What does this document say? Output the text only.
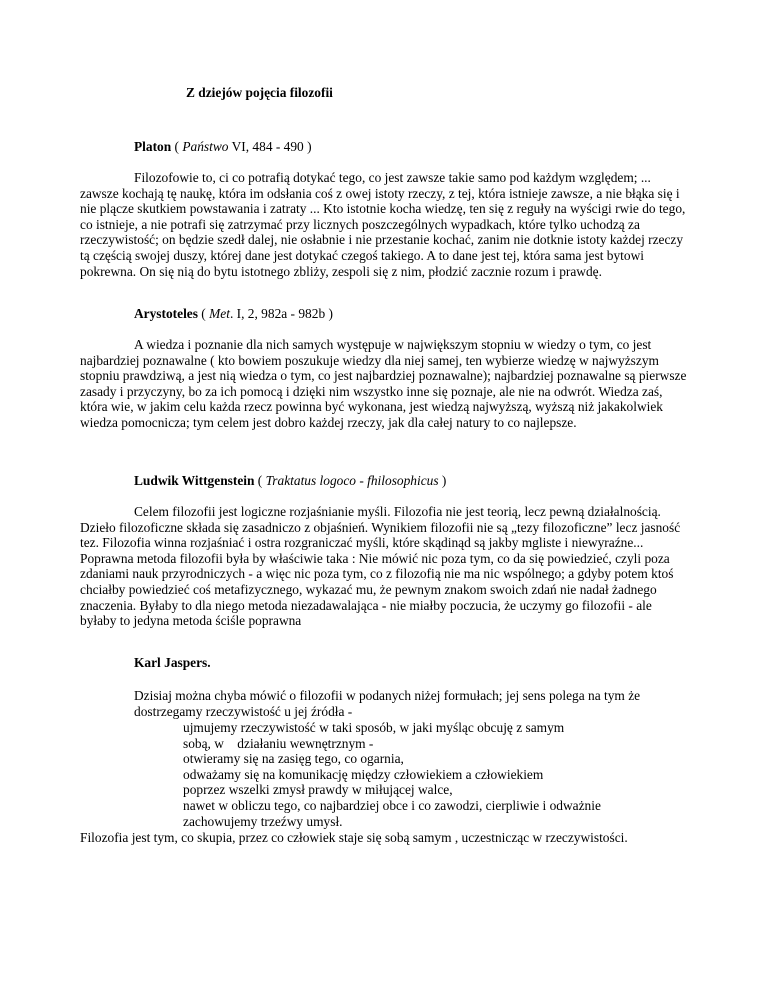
Z dziejów pojęcia filozofii

Platon ( Państwo VI, 484 - 490 )

Filozofowie to, ci co potrafią dotykać tego, co jest zawsze takie samo pod każdym względem; ... zawsze kochają tę naukę, która im odsłania coś z owej istoty rzeczy, z tej, która istnieje zawsze, a nie błąka się i nie plącze skutkiem powstawania i zatraty ... Kto istotnie kocha wiedzę, ten się z reguły na wyścigi rwie do tego, co istnieje, a nie potrafi się zatrzymać przy licznych poszczególnych wypadkach, które tylko uchodzą za rzeczywistość; on będzie szedł dalej, nie osłabnie i nie przestanie kochać, zanim nie dotknie istoty każdej rzeczy tą częścią swojej duszy, której dane jest dotykać czegoś takiego. A to dane jest tej, która sama jest bytowi pokrewna. On się nią do bytu istotnego zbliży, zespoli się z nim, płodzić zacznie rozum i prawdę.

Arystoteles ( Met. I, 2, 982a - 982b )

A wiedza i poznanie dla nich samych występuje w największym stopniu w wiedzy o tym, co jest najbardziej poznawalne ( kto bowiem poszukuje wiedzy dla niej samej, ten wybierze wiedzę w najwyższym stopniu prawdziwą, a jest nią wiedza o tym, co jest najbardziej poznawalne); najbardziej poznawalne są pierwsze zasady i przyczyny, bo za ich pomocą i dzięki nim wszystko inne się poznaje, ale nie na odwrót. Wiedza zaś, która wie, w jakim celu każda rzecz powinna być wykonana, jest wiedzą najwyższą, wyższą niż jakakolwiek wiedza pomocnicza; tym celem jest dobro każdej rzeczy, jak dla całej natury to co najlepsze.

Ludwik Wittgenstein ( Traktatus logoco - fhilosophicus )

Celem filozofii jest logiczne rozjaśnianie myśli. Filozofia nie jest teorią, lecz pewną działalnością. Dzieło filozoficzne składa się zasadniczo z objaśnień. Wynikiem filozofii nie są „tezy filozoficzne” lecz jasność tez. Filozofia winna rozjaśniać i ostra rozgraniczać myśli, które skądinąd są jakby mgliste i niewyraźne... Poprawna metoda filozofii była by właściwie taka : Nie mówić nic poza tym, co da się powiedzieć, czyli poza zdaniami nauk przyrodniczych - a więc nic poza tym, co z filozofią nie ma nic wspólnego; a gdyby potem ktoś chciałby powiedzieć coś metafizycznego, wykazać mu, że pewnym znakom swoich zdań nie nadał żadnego znaczenia. Byłaby to dla niego metoda niezadawalająca - nie miałby poczucia, że uczymy go filozofii - ale byłaby to jedyna metoda ściśle poprawna

Karl Jaspers.

Dzisiaj można chyba mówić o filozofii w podanych niżej formułach; jej sens polega na tym że dostrzegamy rzeczywistość u jej źródła -

ujmujemy rzeczywistość w taki sposób, w jaki myśląc obcuję z samym
sobą, w    działaniu wewnętrznym -
otwieramy się na zasięg tego, co ogarnia,
odważamy się na komunikację między człowiekiem a człowiekiem
poprzez wszelki zmysł prawdy w miłującej walce,
nawet w obliczu tego, co najbardziej obce i co zawodzi, cierpliwie i odważnie
zachowujemy trzeźwy umysł.

Filozofia jest tym, co skupia, przez co człowiek staje się sobą samym , uczestnicząc w rzeczywistości.
